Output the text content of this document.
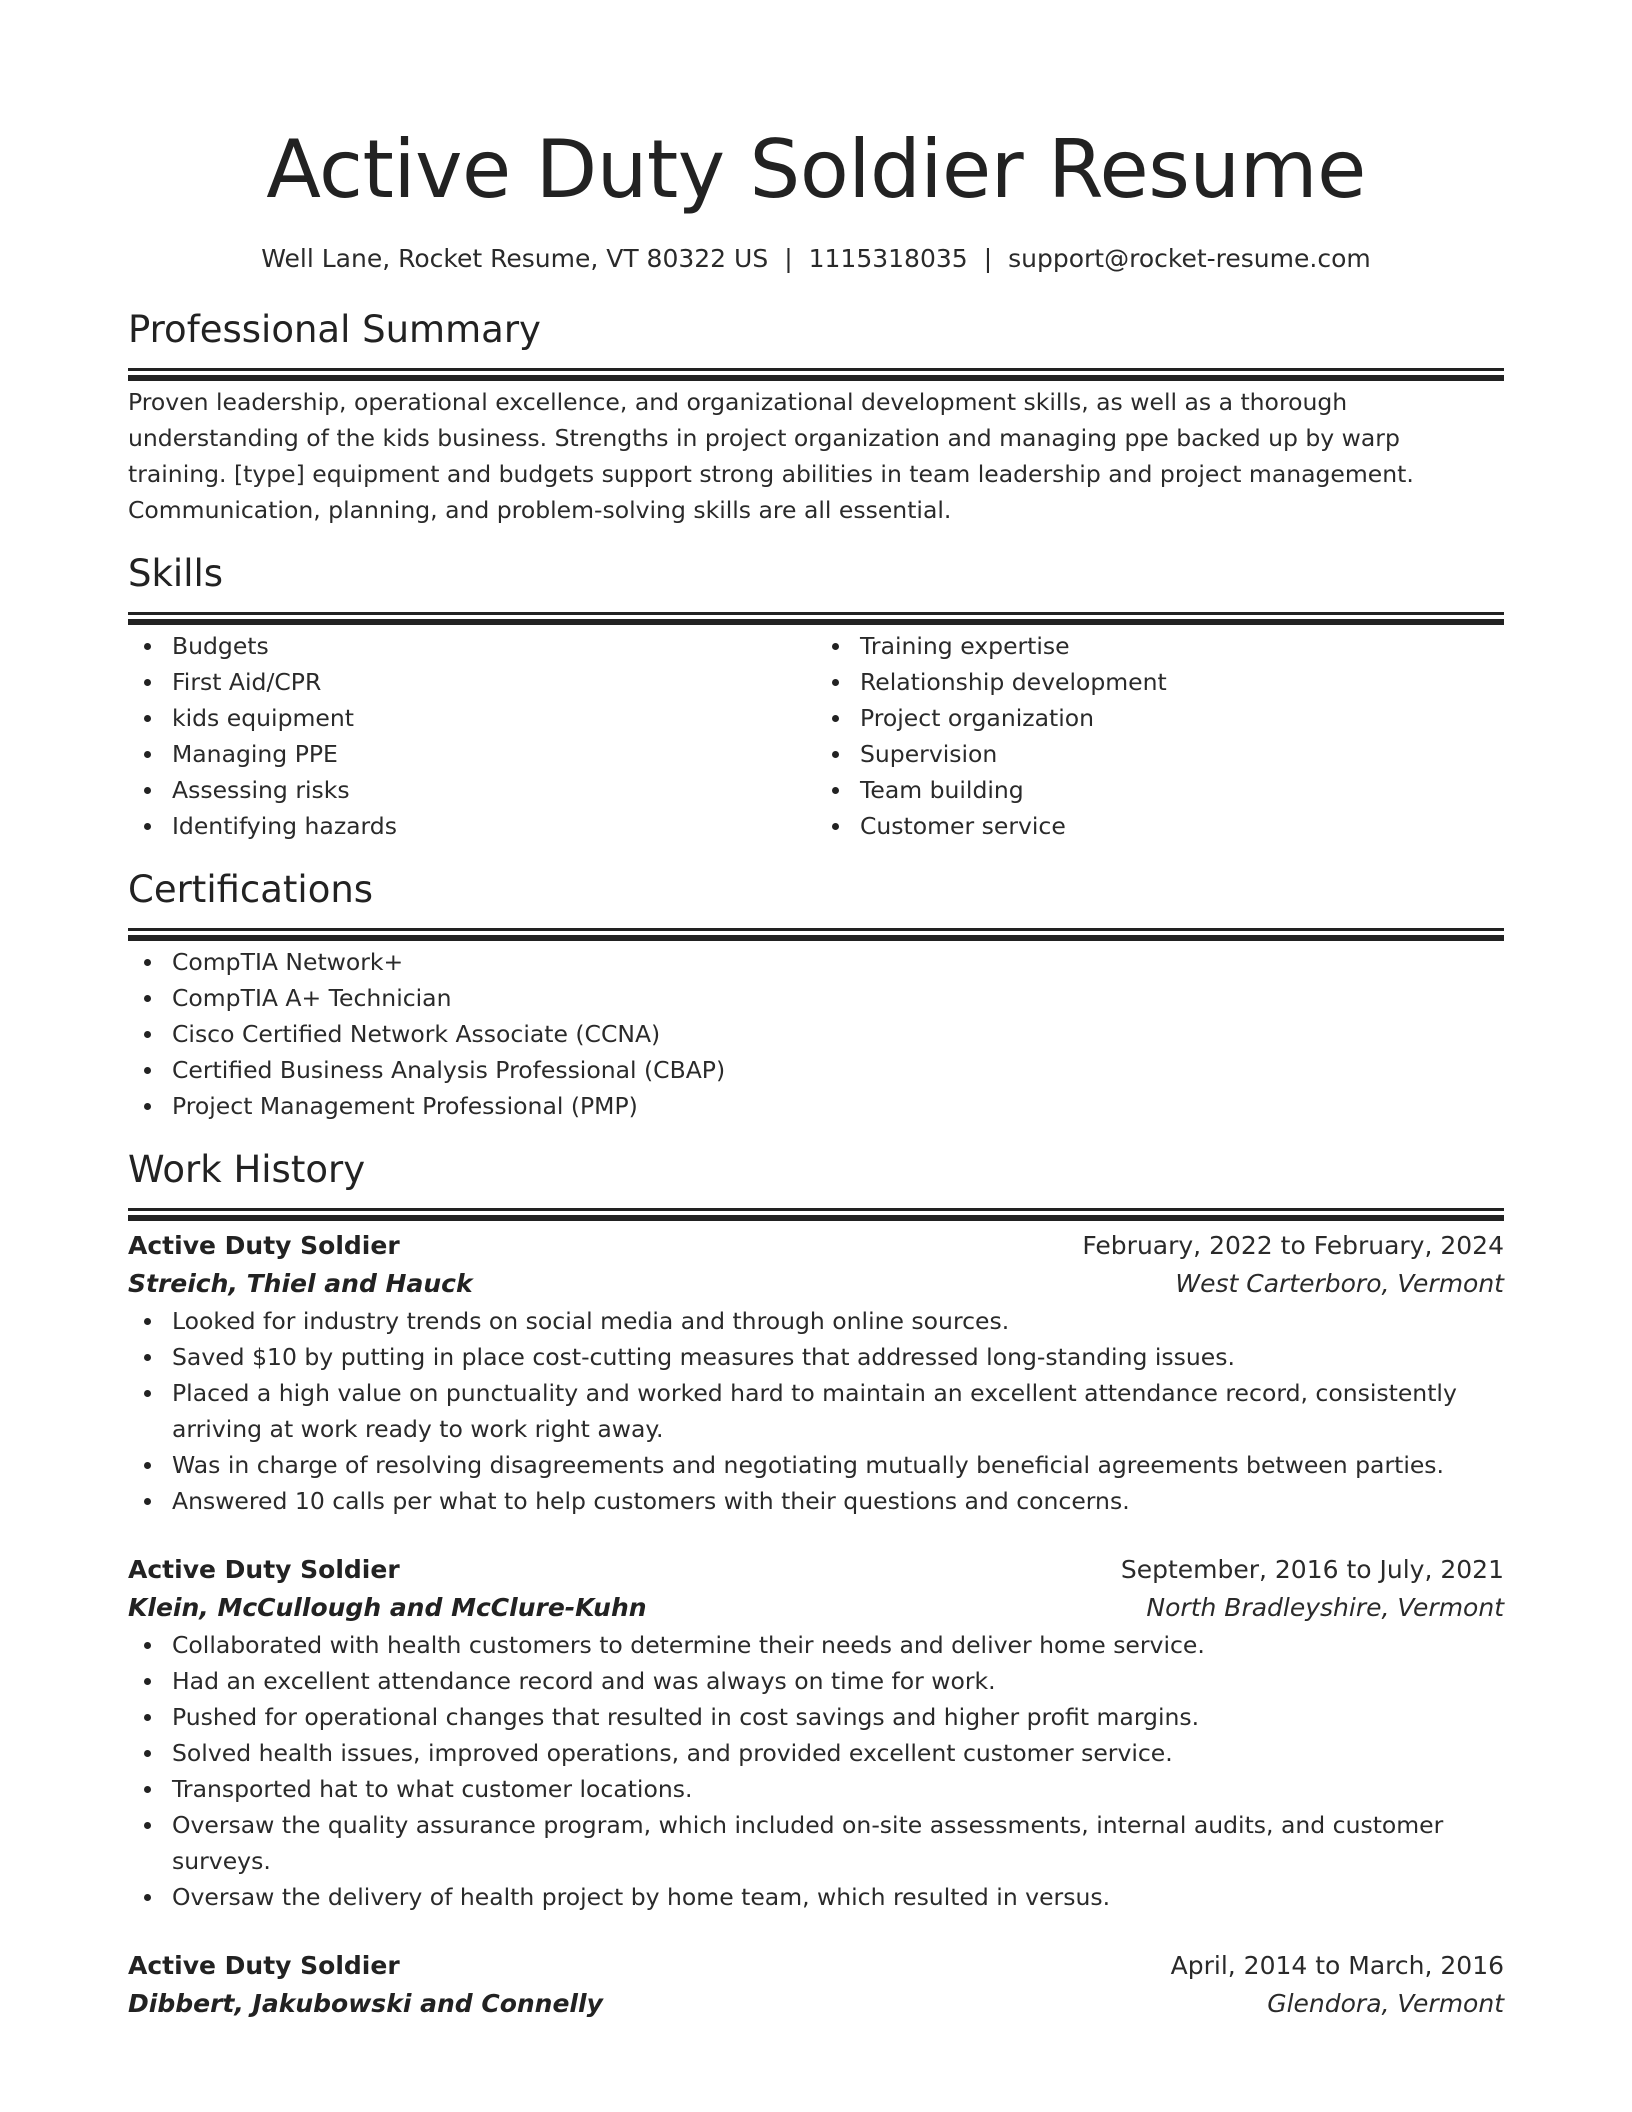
Active Duty Soldier Resume
Well Lane, Rocket Resume, VT 80322 US | 1115318035 | support@rocket-resume.com
Professional Summary

Proven leadership, operational excellence, and organizational development skills, as well as a thorough understanding of the kids business. Strengths in project organization and managing ppe backed up by warp training. [type] equipment and budgets support strong abilities in team leadership and project management. Communication, planning, and problem-solving skills are all essential.

Skills
Budgets
First Aid/CPR
kids equipment
Managing PPE
Assessing risks
Identifying hazards
Training expertise
Relationship development
Project organization
Supervision
Team building
Customer service
Certifications
CompTIA Network+
CompTIA A+ Technician
Cisco Certified Network Associate (CCNA)
Certified Business Analysis Professional (CBAP)
Project Management Professional (PMP)
Work History
Active Duty Soldier	February, 2022 to February, 2024
Streich, Thiel and Hauck	West Carterboro, Vermont
Looked for industry trends on social media and through online sources.
Saved $10 by putting in place cost-cutting measures that addressed long-standing issues.
Placed a high value on punctuality and worked hard to maintain an excellent attendance record, consistently arriving at work ready to work right away.
Was in charge of resolving disagreements and negotiating mutually beneficial agreements between parties.
Answered 10 calls per what to help customers with their questions and concerns.
Active Duty Soldier	September, 2016 to July, 2021
Klein, McCullough and McClure-Kuhn	North Bradleyshire, Vermont
Collaborated with health customers to determine their needs and deliver home service.
Had an excellent attendance record and was always on time for work.
Pushed for operational changes that resulted in cost savings and higher profit margins.
Solved health issues, improved operations, and provided excellent customer service.
Transported hat to what customer locations.
Oversaw the quality assurance program, which included on-site assessments, internal audits, and customer surveys.
Oversaw the delivery of health project by home team, which resulted in versus.
Active Duty Soldier	April, 2014 to March, 2016
Dibbert, Jakubowski and Connelly	Glendora, Vermont
